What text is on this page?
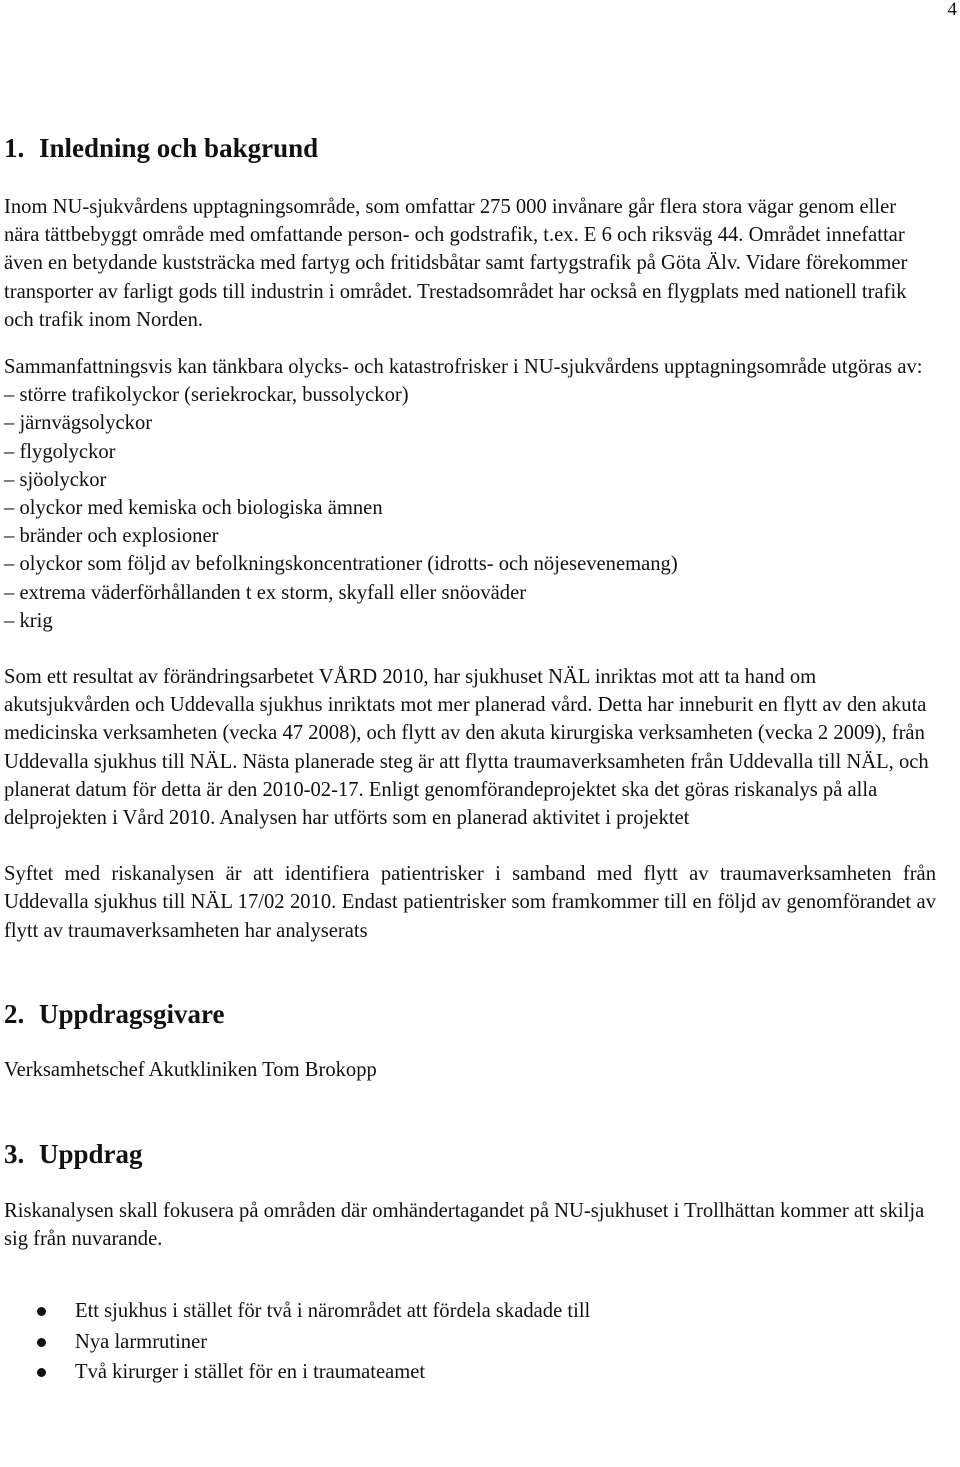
4
1. Inledning och bakgrund

Inom NU-sjukvårdens upptagningsområde, som omfattar 275 000 invånare går flera stora vägar genom eller nära tättbebyggt område med omfattande person- och godstrafik, t.ex. E 6 och riksväg 44. Området innefattar även en betydande kuststräcka med fartyg och fritidsbåtar samt fartygstrafik på Göta Älv. Vidare förekommer transporter av farligt gods till industrin i området. Trestadsområdet har också en flygplats med nationell trafik och trafik inom Norden.

Sammanfattningsvis kan tänkbara olycks- och katastrofrisker i NU-sjukvårdens upptagningsområde utgöras av:

– större trafikolyckor (seriekrockar, bussolyckor)
– järnvägsolyckor
– flygolyckor
– sjöolyckor
– olyckor med kemiska och biologiska ämnen
– bränder och explosioner
– olyckor som följd av befolkningskoncentrationer (idrotts- och nöjesevenemang)
– extrema väderförhållanden t ex storm, skyfall eller snöoväder
– krig

Som ett resultat av förändringsarbetet VÅRD 2010, har sjukhuset NÄL inriktas mot att ta hand om akutsjukvården och Uddevalla sjukhus inriktats mot mer planerad vård. Detta har inneburit en flytt av den akuta medicinska verksamheten (vecka 47 2008), och flytt av den akuta kirurgiska verksamheten (vecka 2 2009), från Uddevalla sjukhus till NÄL. Nästa planerade steg är att flytta traumaverksamheten från Uddevalla till NÄL, och planerat datum för detta är den 2010-02-17. Enligt genomförandeprojektet ska det göras riskanalys på alla delprojekten i Vård 2010. Analysen har utförts som en planerad aktivitet i projektet

Syftet med riskanalysen är att identifiera patientrisker i samband med flytt av traumaverksamheten från Uddevalla sjukhus till NÄL 17/02 2010. Endast patientrisker som framkommer till en följd av genomförandet av flytt av traumaverksamheten har analyserats

2. Uppdragsgivare

Verksamhetschef Akutkliniken Tom Brokopp

3. Uppdrag

Riskanalysen skall fokusera på områden där omhändertagandet på NU-sjukhuset i Trollhättan kommer att skilja sig från nuvarande.

Ett sjukhus i stället för två i närområdet att fördela skadade till
Nya larmrutiner
Två kirurger i stället för en i traumateamet
